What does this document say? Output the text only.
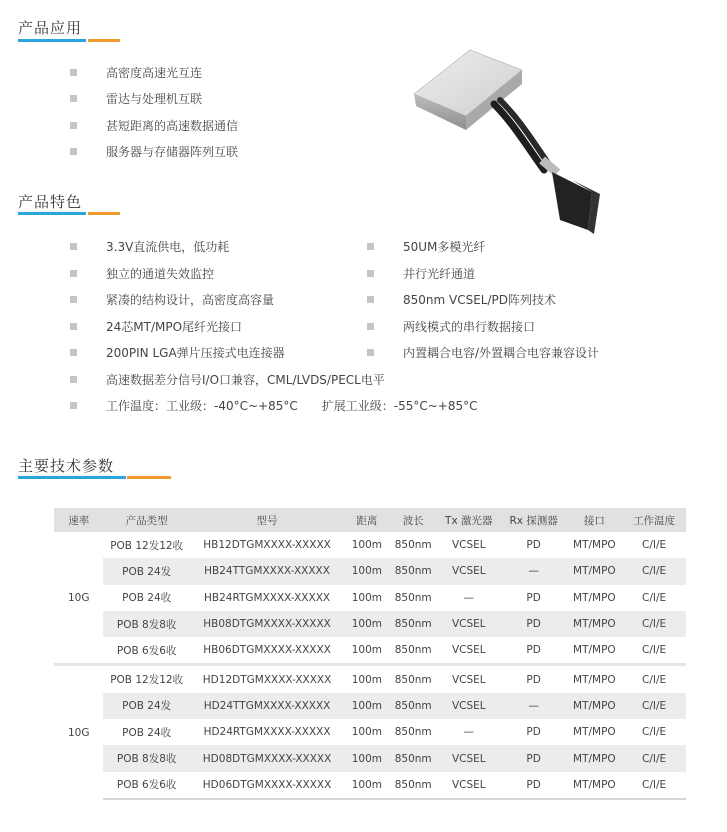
产品应用
高密度高速光互连
雷达与处理机互联
甚短距离的高速数据通信
服务器与存储器阵列互联
产品特色
3.3V直流供电，低功耗
独立的通道失效监控
紧凑的结构设计，高密度高容量
24芯MT/MPO尾纤光接口
200PIN LGA弹片压接式电连接器
高速数据差分信号I/O口兼容，CML/LVDS/PECL电平
工作温度：工业级：-40°C~+85°C　　扩展工业级：-55°C~+85°C
50UM多模光纤
并行光纤通道
850nm VCSEL/PD阵列技术
两线模式的串行数据接口
内置耦合电容/外置耦合电容兼容设计
主要技术参数
速率	产品类型	型号	距离	波长	Tx 激光器	Rx 探测器	接口	工作温度
10G	POB 12发12收	HB12DTGMXXXX-XXXXX	100m	850nm	VCSEL	PD	MT/MPO	C/I/E
	POB 24发	HB24TTGMXXXX-XXXXX	100m	850nm	VCSEL	—	MT/MPO	C/I/E
	POB 24收	HB24RTGMXXXX-XXXXX	100m	850nm	—	PD	MT/MPO	C/I/E
	POB 8发8收	HB08DTGMXXXX-XXXXX	100m	850nm	VCSEL	PD	MT/MPO	C/I/E
	POB 6发6收	HB06DTGMXXXX-XXXXX	100m	850nm	VCSEL	PD	MT/MPO	C/I/E
10G	POB 12发12收	HD12DTGMXXXX-XXXXX	100m	850nm	VCSEL	PD	MT/MPO	C/I/E
	POB 24发	HD24TTGMXXXX-XXXXX	100m	850nm	VCSEL	—	MT/MPO	C/I/E
	POB 24收	HD24RTGMXXXX-XXXXX	100m	850nm	—	PD	MT/MPO	C/I/E
	POB 8发8收	HD08DTGMXXXX-XXXXX	100m	850nm	VCSEL	PD	MT/MPO	C/I/E
	POB 6发6收	HD06DTGMXXXX-XXXXX	100m	850nm	VCSEL	PD	MT/MPO	C/I/E
